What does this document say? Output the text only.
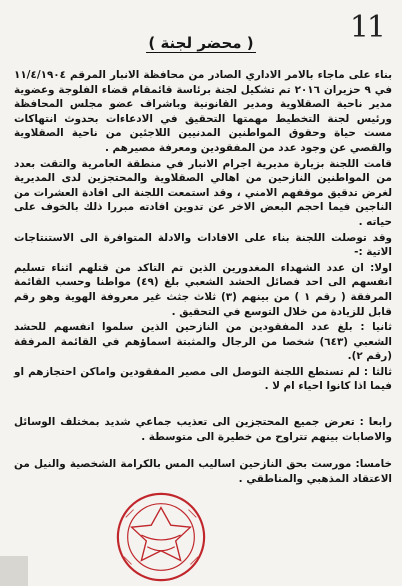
11
( محضر لجنة )

بناء على ماجاء بالامر الاداري الصادر من محافظة الانبار المرقم ١١/٤/١٩٠٤ في ٩ حزيران ٢٠١٦ تم تشكيل لجنة برئاسة قائمقام قضاء الفلوجة وعضوية مدير ناحية الصقلاوية ومدير القانونية وباشراف عضو مجلس المحافظة ورئيس لجنة التخطيط مهمتها التحقيق في الادعاءات بحدوث انتهاكات مست حياة وحقوق المواطنين المدنيين اللاجئين من ناحية الصقلاوية والقصي عن وجود عدد من المفقودين ومعرفة مصيرهم .

قامت اللجنة بزيارة مديرية اجرام الانبار في منطقة العامرية والتقت بعدد من المواطنين النازحين من اهالي الصقلاوية والمحتجزين لدى المديرية لغرض تدقيق موقفهم الامني ، وقد استمعت اللجنة الى افادة العشرات من الناجين فيما احجم البعض الاخر عن تدوين افادته مبررا ذلك بالخوف على حياته .

وقد توصلت اللجنة بناء على الافادات والادلة المتوافرة الى الاستنتاجات الاتية :-

اولا: ان عدد الشهداء المغدورين الذين تم التاكد من قتلهم اثناء تسليم انفسهم الى احد فصائل الحشد الشعبي بلغ (٤٩) مواطنا وحسب القائمة المرفقة ( رقم ١ ) من بينهم (٣) ثلاث جثث غير معروفة الهوية وهو رقم قابل للزيادة من خلال التوسع في التحقيق .

ثانيا : بلغ عدد المفقودين من النازحين الذين سلموا انفسهم للحشد الشعبي (٦٤٣) شخصا من الرجال والمثبتة اسماؤهم في القائمة المرفقة (رقم ٢).

ثالثا : لم تستطع اللجنة التوصل الى مصير المفقودين واماكن احتجازهم او فيما اذا كانوا احياء ام لا .

رابعا : تعرض جميع المحتجزين الى تعذيب جماعي شديد بمختلف الوسائل والاصابات بينهم تتراوح من خطيرة الى متوسطة .

خامسا: مورست بحق النازحين اساليب المس بالكرامة الشخصية والنيل من الاعتقاد المذهبي والمناطقي .
